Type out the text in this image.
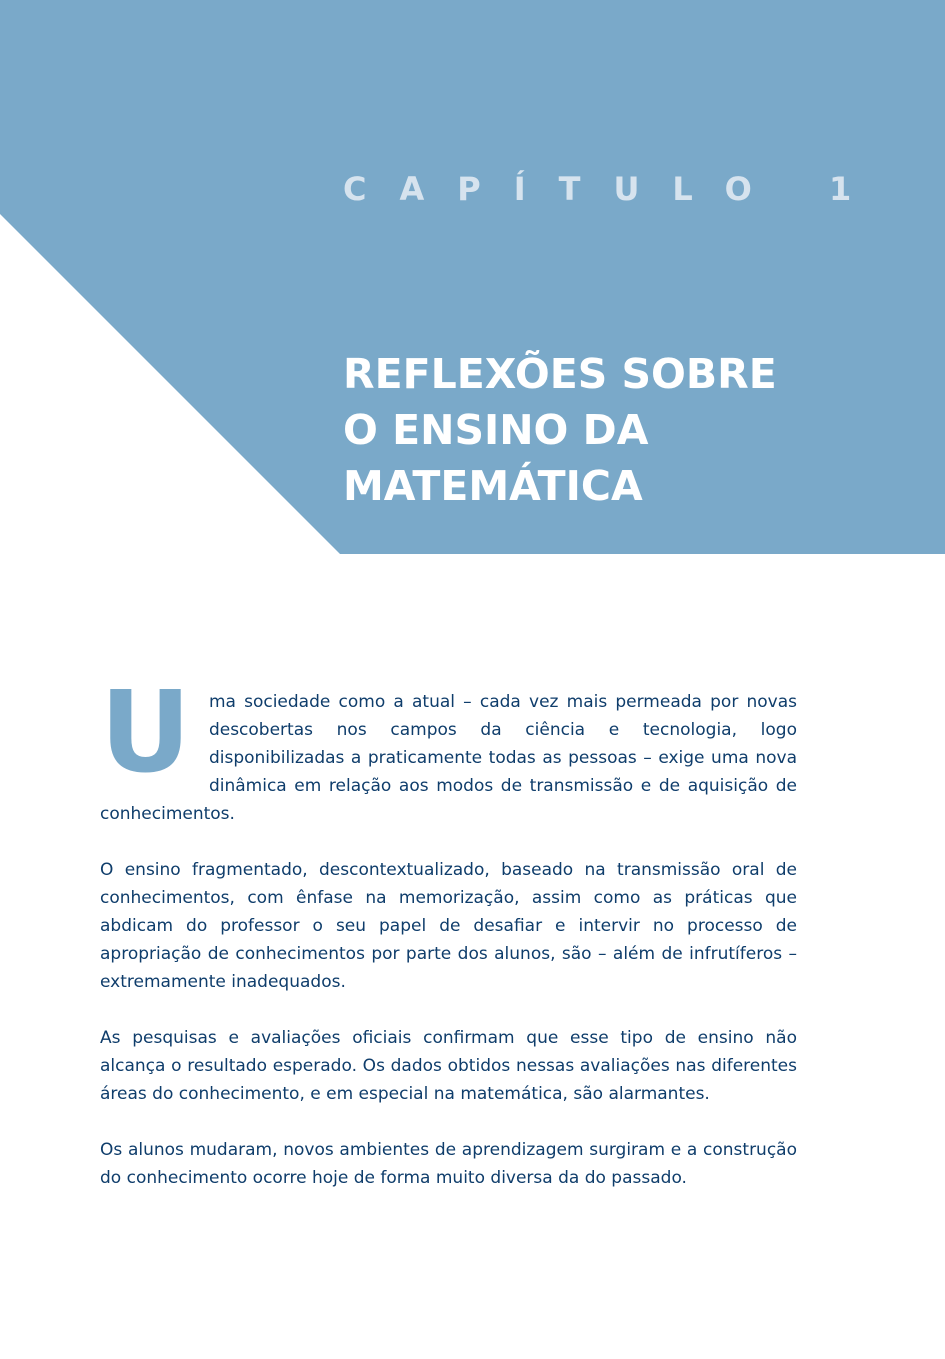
CAPÍTULO 1
REFLEXÕES SOBRE
O ENSINO DA
MATEMÁTICA

U ma sociedade como a atual – cada vez mais permeada por novas descobertas nos campos da ciência e tecnologia, logo disponibilizadas a praticamente todas as pessoas – exige uma nova dinâmica em relação aos modos de transmissão e de aquisição de conhecimentos.

O ensino fragmentado, descontextualizado, baseado na transmissão oral de conhecimentos, com ênfase na memorização, assim como as práticas que abdicam do professor o seu papel de desafiar e intervir no processo de apropriação de conhecimentos por parte dos alunos, são – além de infrutíferos – extremamente inadequados.

As pesquisas e avaliações oficiais confirmam que esse tipo de ensino não alcança o resultado esperado. Os dados obtidos nessas avaliações nas diferentes áreas do conhecimento, e em especial na matemática, são alarmantes.

Os alunos mudaram, novos ambientes de aprendizagem surgiram e a construção do conhecimento ocorre hoje de forma muito diversa da do passado.
